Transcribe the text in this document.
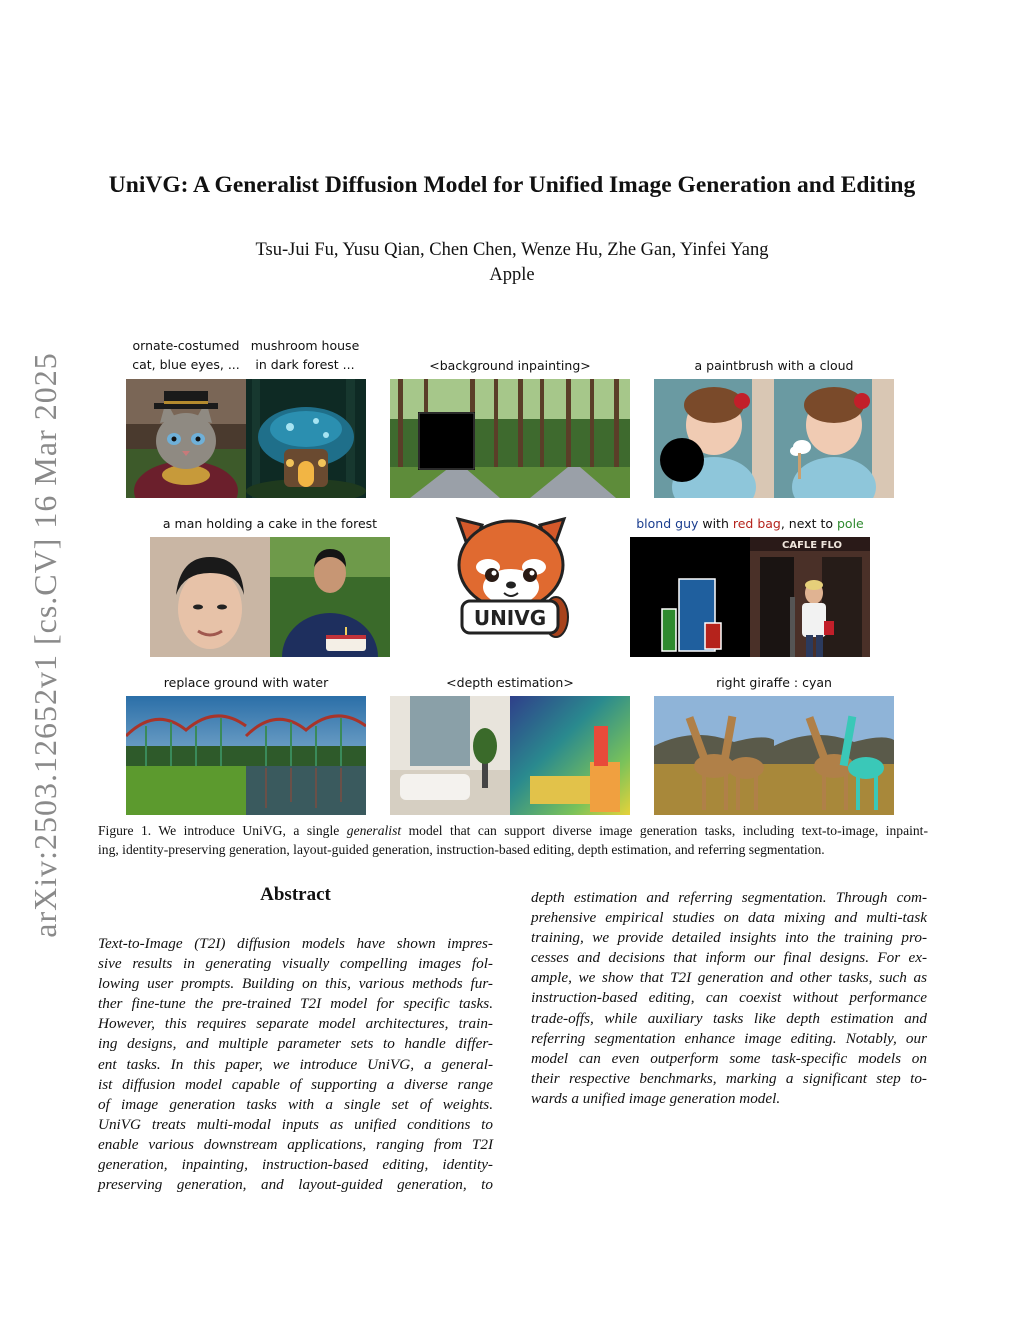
arXiv:2503.12652v1 [cs.CV] 16 Mar 2025
UniVG: A Generalist Diffusion Model for Unified Image Generation and Editing
Tsu-Jui Fu, Yusu Qian, Chen Chen, Wenze Hu, Zhe Gan, Yinfei Yang
Apple
ornate-costumed
cat, blue eyes, ...
mushroom house
in dark forest ...	<background inpainting>	a paintbrush with a cloud
a man holding a cake in the forest	blond guy with red bag, next to pole
UNIVG
CAFLE FLO
replace ground with water	<depth estimation>	right giraffe : cyan
Figure 1. We introduce UniVG, a single generalist model that can support diverse image generation tasks, including text-to-image, inpaint-
ing, identity-preserving generation, layout-guided generation, instruction-based editing, depth estimation, and referring segmentation.
Abstract
Text-to-Image (T2I) diffusion models have shown impres-
sive results in generating visually compelling images fol-
lowing user prompts. Building on this, various methods fur-
ther fine-tune the pre-trained T2I model for specific tasks.
However, this requires separate model architectures, train-
ing designs, and multiple parameter sets to handle differ-
ent tasks. In this paper, we introduce UniVG, a general-
ist diffusion model capable of supporting a diverse range
of image generation tasks with a single set of weights.
UniVG treats multi-modal inputs as unified conditions to
enable various downstream applications, ranging from T2I
generation, inpainting, instruction-based editing, identity-
preserving generation, and layout-guided generation, to
depth estimation and referring segmentation. Through com-
prehensive empirical studies on data mixing and multi-task
training, we provide detailed insights into the training pro-
cesses and decisions that inform our final designs. For ex-
ample, we show that T2I generation and other tasks, such as
instruction-based editing, can coexist without performance
trade-offs, while auxiliary tasks like depth estimation and
referring segmentation enhance image editing. Notably, our
model can even outperform some task-specific models on
their respective benchmarks, marking a significant step to-
wards a unified image generation model.
